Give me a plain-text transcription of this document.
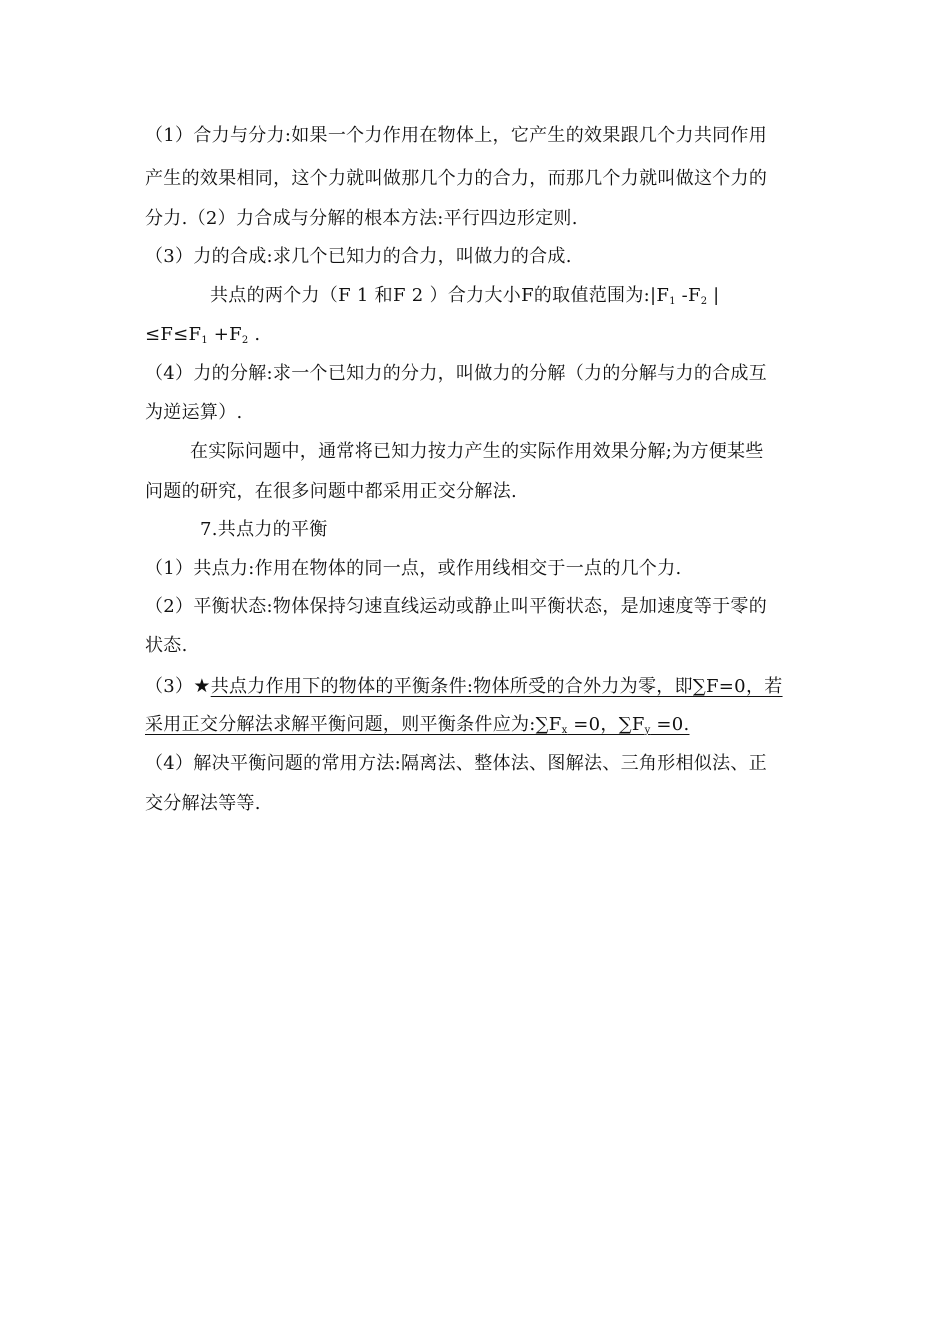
（1）合力与分力:如果一个力作用在物体上，它产生的效果跟几个力共同作用
产生的效果相同，这个力就叫做那几个力的合力，而那几个力就叫做这个力的
分力.（2）力合成与分解的根本方法:平行四边形定则.
（3）力的合成:求几个已知力的合力，叫做力的合成.
共点的两个力（F 1 和F 2 ）合力大小F的取值范围为$:|F_1$ $-F_2$ |
$\le F\le F_1 +F_2$ .
（4）力的分解:求一个已知力的分力，叫做力的分解（力的分解与力的合成互
为逆运算）.
在实际问题中，通常将已知力按力产生的实际作用效果分解;为方便某些
问题的研究，在很多问题中都采用正交分解法.
7.共点力的平衡
（1）共点力:作用在物体的同一点，或作用线相交于一点的几个力.
（2）平衡状态:物体保持匀速直线运动或静止叫平衡状态，是加速度等于零的
状态.
（3）★共点力作用下的物体的平衡条件:物体所受的合外力为零，即∑F=0，若
采用正交分解法求解平衡问题，则平衡条件应为$:\sum F_x =0$，$\sum F_y =0$.
（4）解决平衡问题的常用方法:隔离法、整体法、图解法、三角形相似法、正
交分解法等等.
